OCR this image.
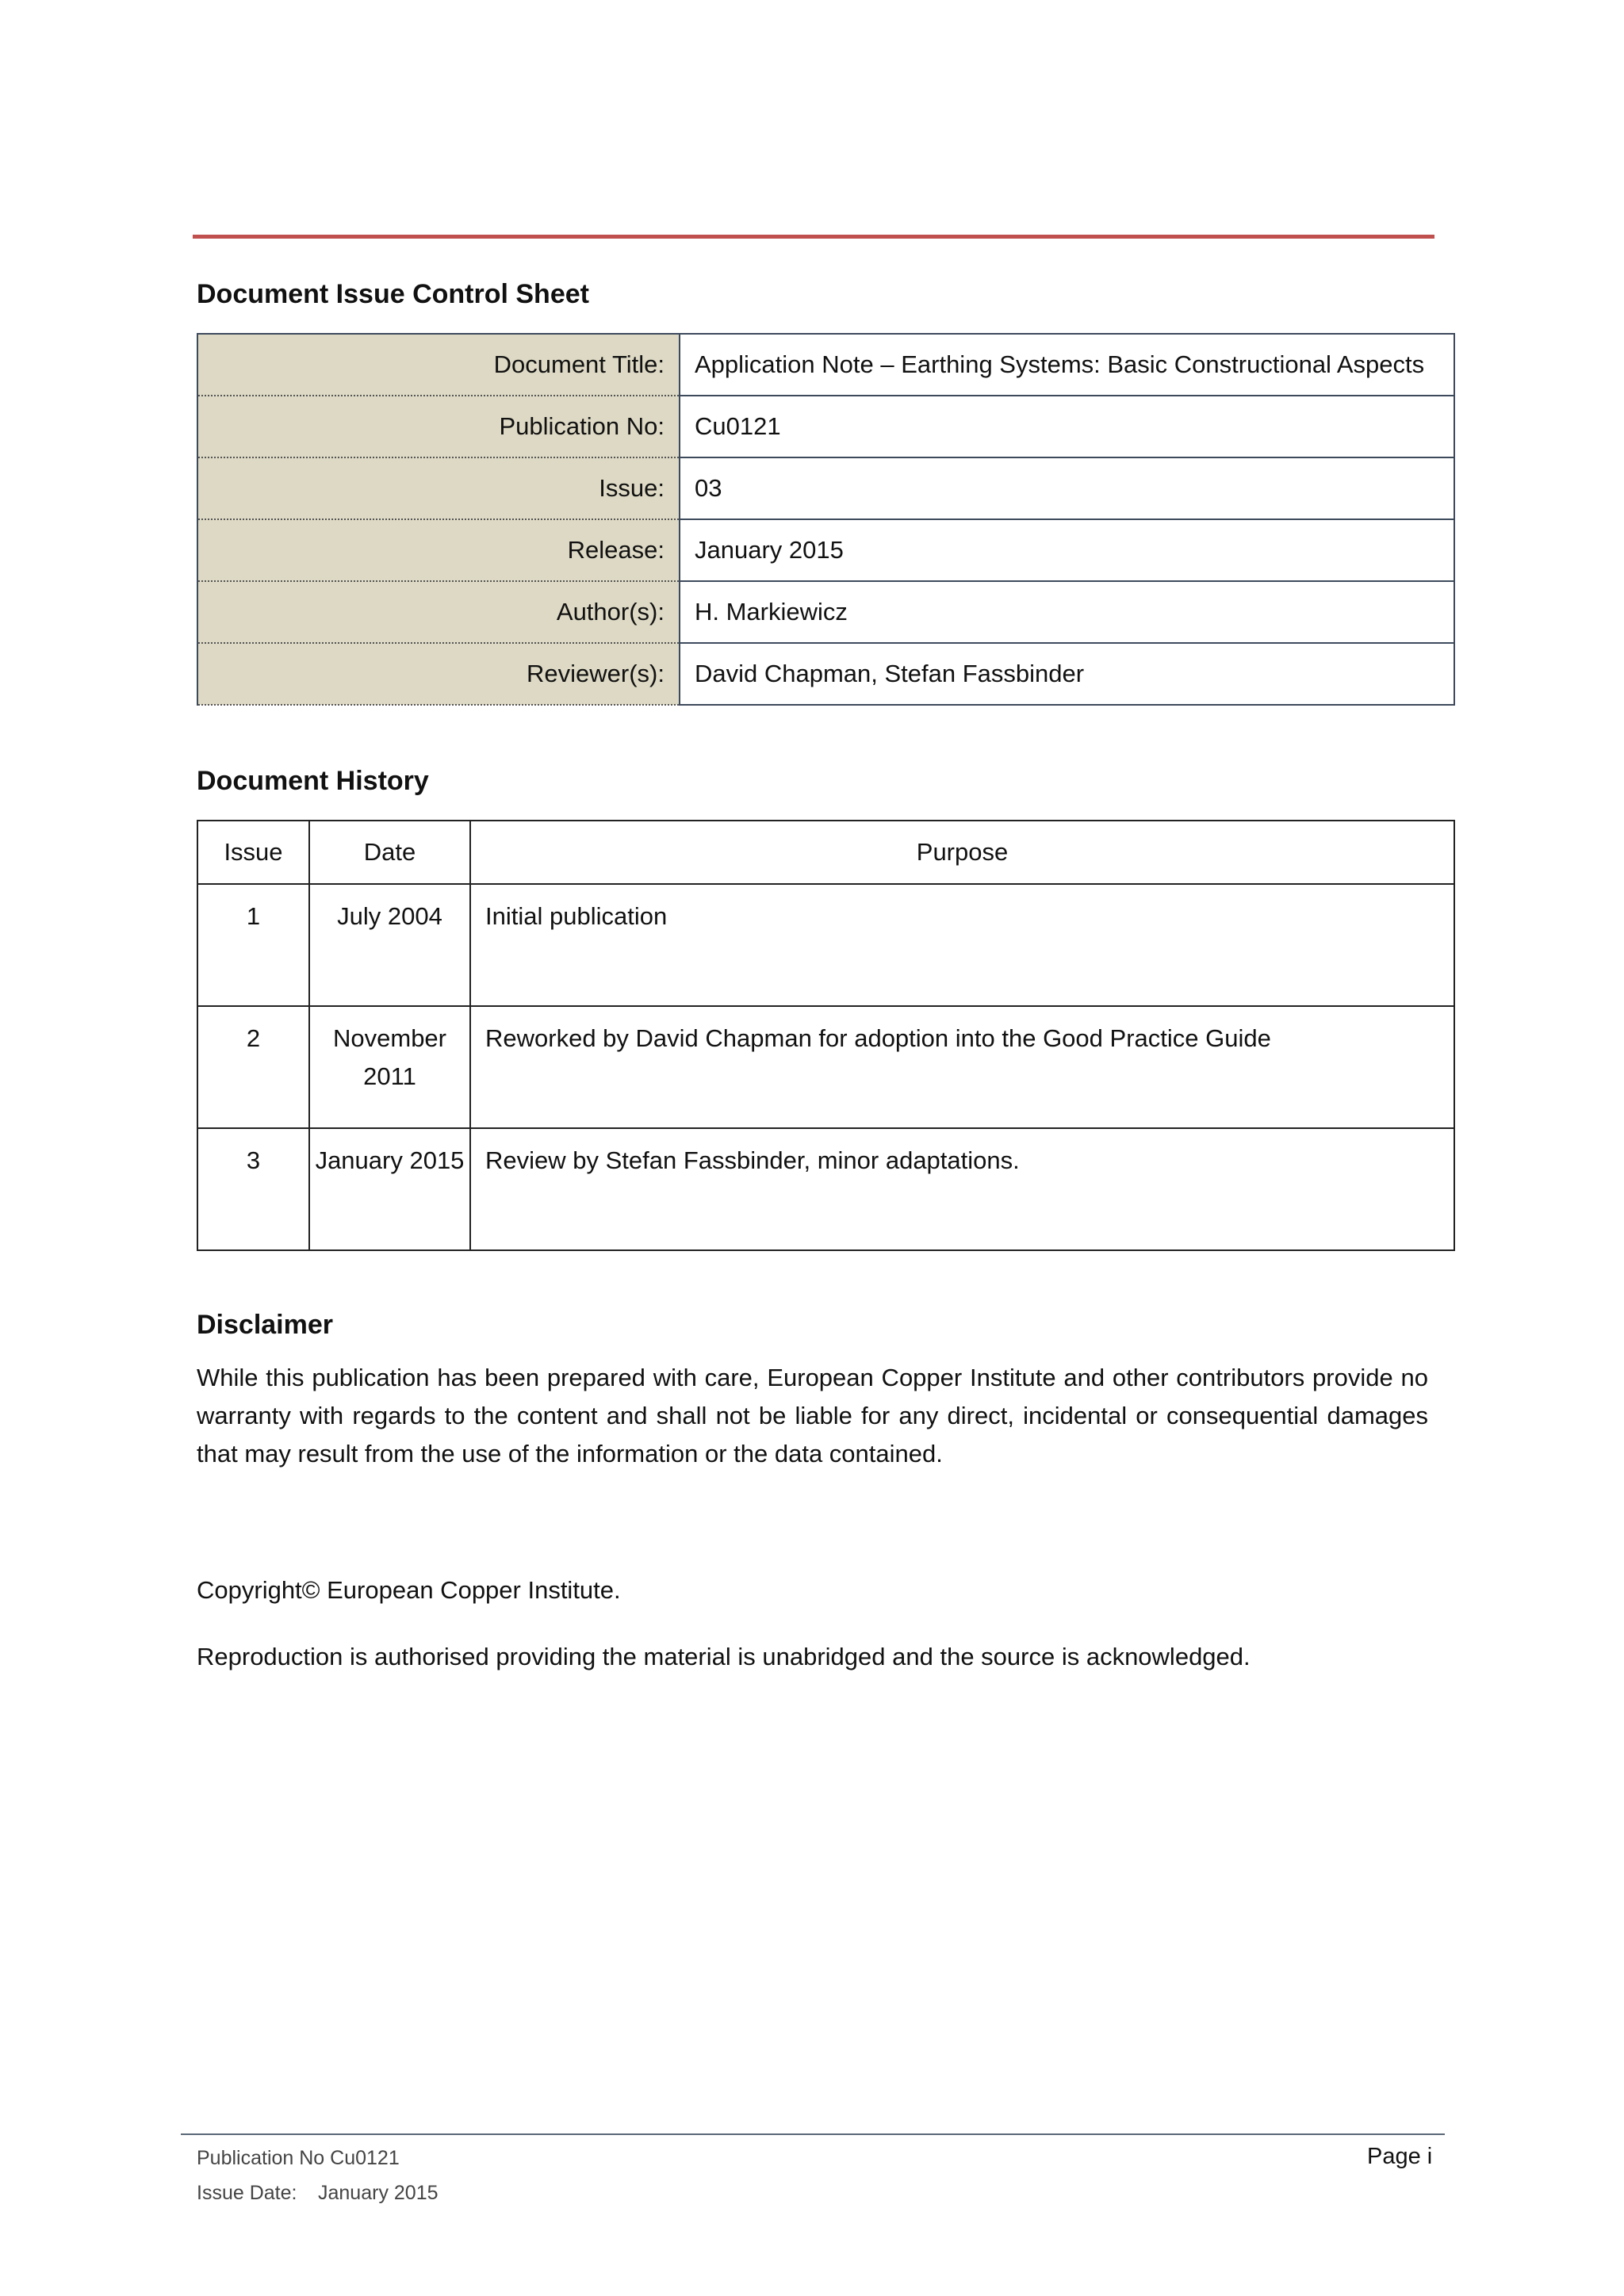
Document Issue Control Sheet
Document Title:	Application Note – Earthing Systems: Basic Constructional Aspects
Publication No:	Cu0121
Issue:	03
Release:	January 2015
Author(s):	H. Markiewicz
Reviewer(s):	David Chapman, Stefan Fassbinder
Document History
Issue	Date	Purpose
1	July 2004	Initial publication
2	November 2011	Reworked by David Chapman for adoption into the Good Practice Guide
3	January 2015	Review by Stefan Fassbinder, minor adaptations.
Disclaimer

While this publication has been prepared with care, European Copper Institute and other contributors provide no warranty with regards to the content and shall not be liable for any direct, incidental or consequential damages that may result from the use of the information or the data contained.

Copyright© European Copper Institute.

Reproduction is authorised providing the material is unabridged and the source is acknowledged.

Publication No Cu0121
Issue Date: January 2015
Page i
